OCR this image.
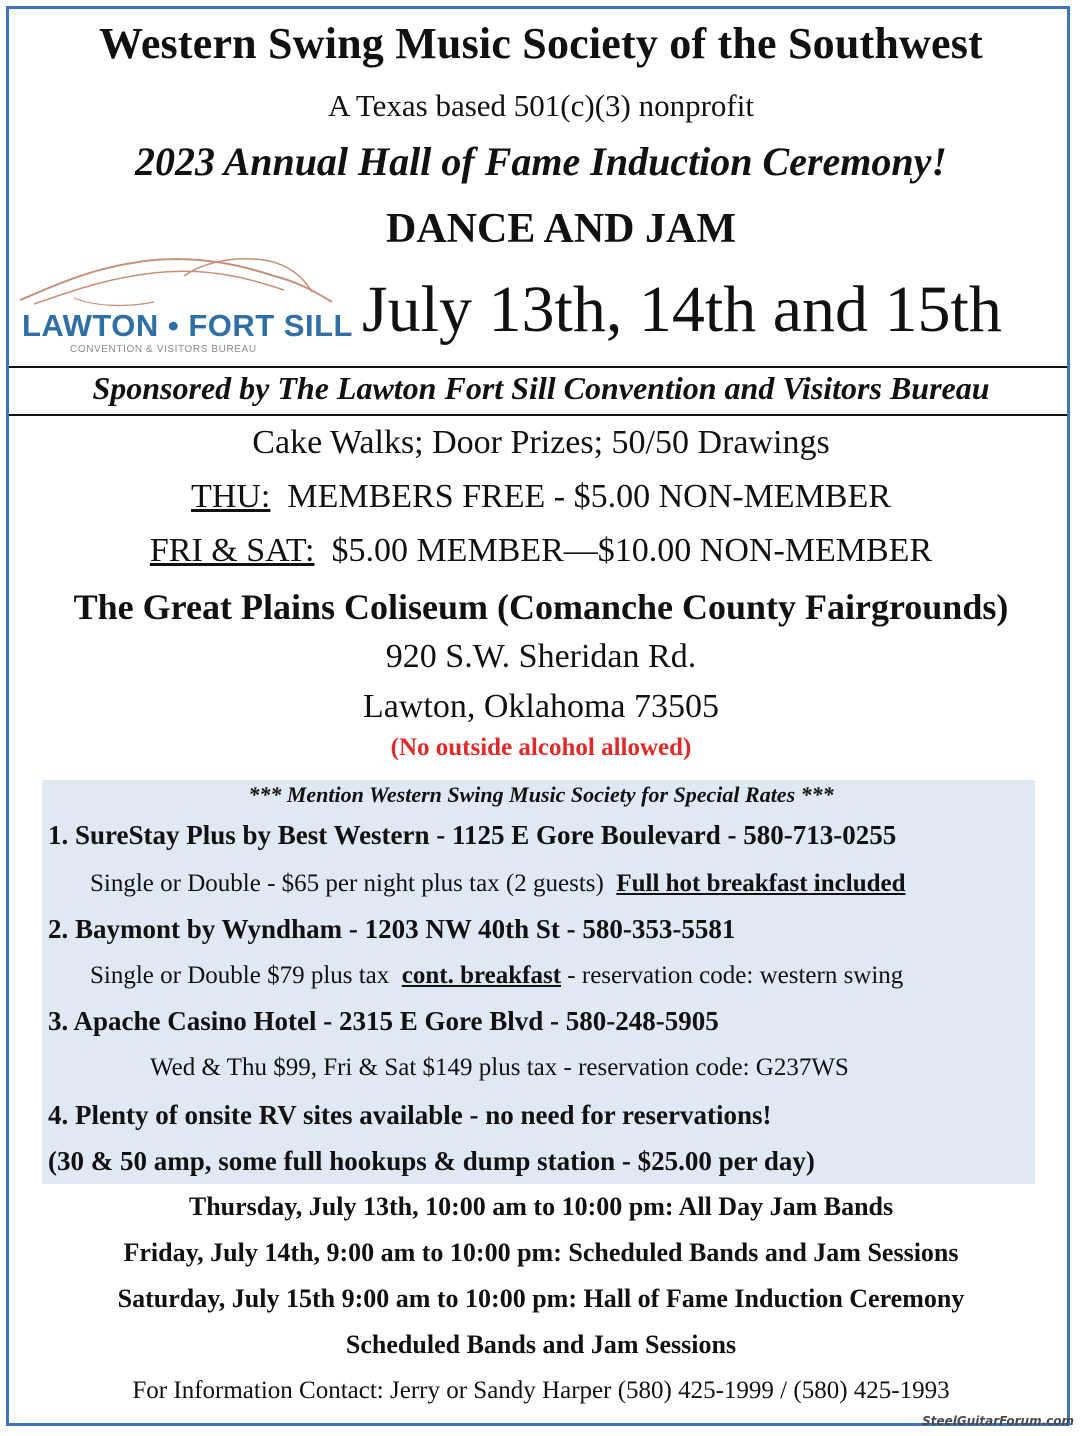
Western Swing Music Society of the Southwest
A Texas based 501(c)(3) nonprofit
2023 Annual Hall of Fame Induction Ceremony!
DANCE AND JAM
LAWTON • FORT SILL
CONVENTION & VISITORS BUREAU
July 13th, 14th and 15th
Sponsored by The Lawton Fort Sill Convention and Visitors Bureau
Cake Walks; Door Prizes; 50/50 Drawings
THU: MEMBERS FREE - $5.00 NON-MEMBER
FRI & SAT: $5.00 MEMBER—$10.00 NON-MEMBER
The Great Plains Coliseum (Comanche County Fairgrounds)
920 S.W. Sheridan Rd.
Lawton, Oklahoma 73505
(No outside alcohol allowed)
*** Mention Western Swing Music Society for Special Rates ***
1. SureStay Plus by Best Western - 1125 E Gore Boulevard - 580-713-0255
Single or Double - $65 per night plus tax (2 guests) Full hot breakfast included
2. Baymont by Wyndham - 1203 NW 40th St - 580-353-5581
Single or Double $79 plus tax cont. breakfast - reservation code: western swing
3. Apache Casino Hotel - 2315 E Gore Blvd - 580-248-5905
Wed & Thu $99, Fri & Sat $149 plus tax - reservation code: G237WS
4. Plenty of onsite RV sites available - no need for reservations!
(30 & 50 amp, some full hookups & dump station - $25.00 per day)
Thursday, July 13th, 10:00 am to 10:00 pm: All Day Jam Bands
Friday, July 14th, 9:00 am to 10:00 pm: Scheduled Bands and Jam Sessions
Saturday, July 15th 9:00 am to 10:00 pm: Hall of Fame Induction Ceremony
Scheduled Bands and Jam Sessions
For Information Contact: Jerry or Sandy Harper (580) 425-1999 / (580) 425-1993
SteelGuitarForum.com
